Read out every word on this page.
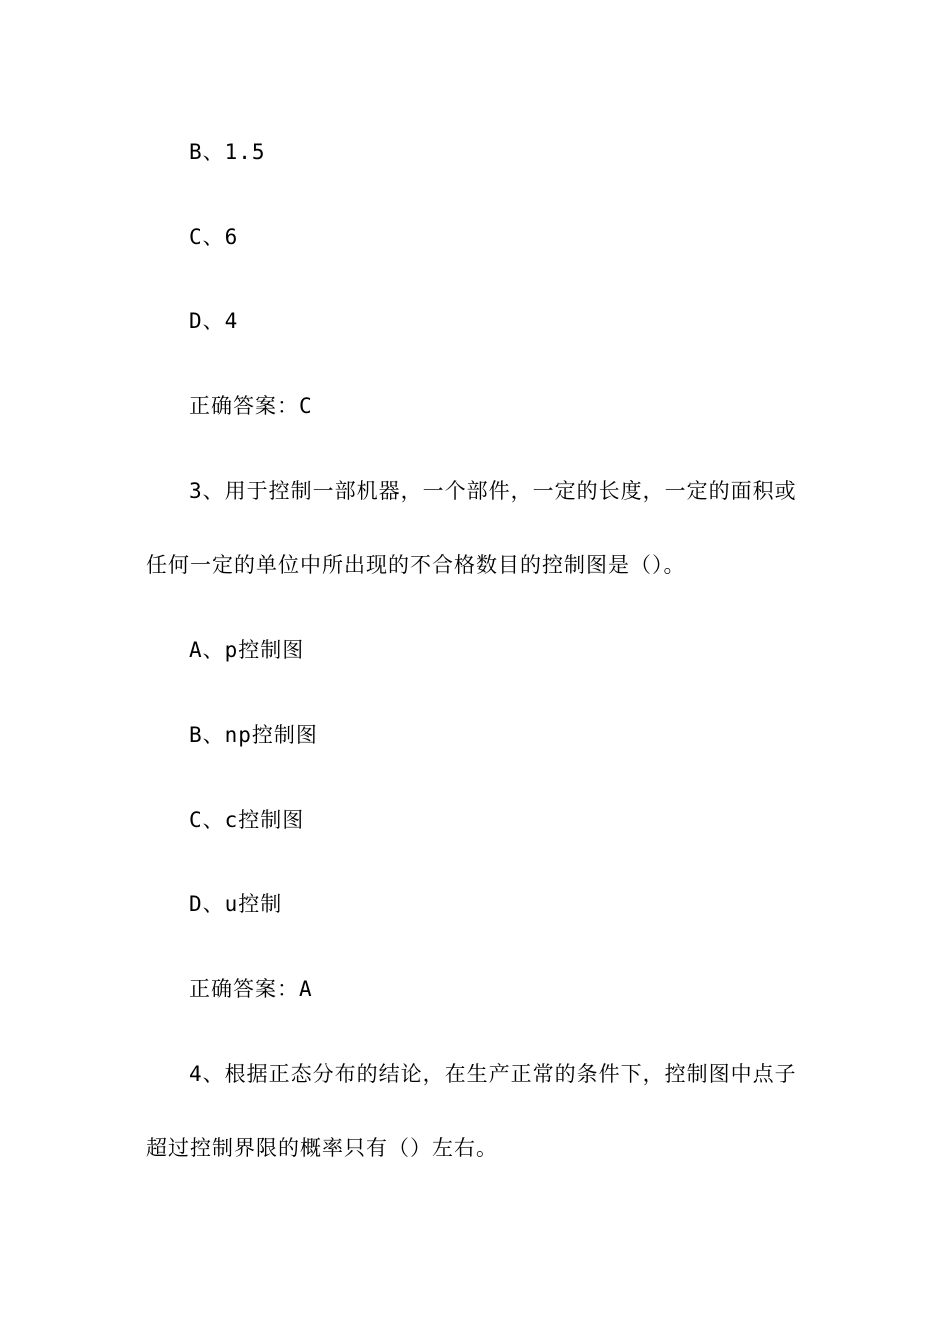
B、1.5
C、6
D、4
正确答案：C
3、用于控制一部机器，一个部件，一定的长度，一定的面积或
任何一定的单位中所出现的不合格数目的控制图是（）。
A、p控制图
B、np控制图
C、c控制图
D、u控制
正确答案：A
4、根据正态分布的结论，在生产正常的条件下，控制图中点子
超过控制界限的概率只有（）左右。
